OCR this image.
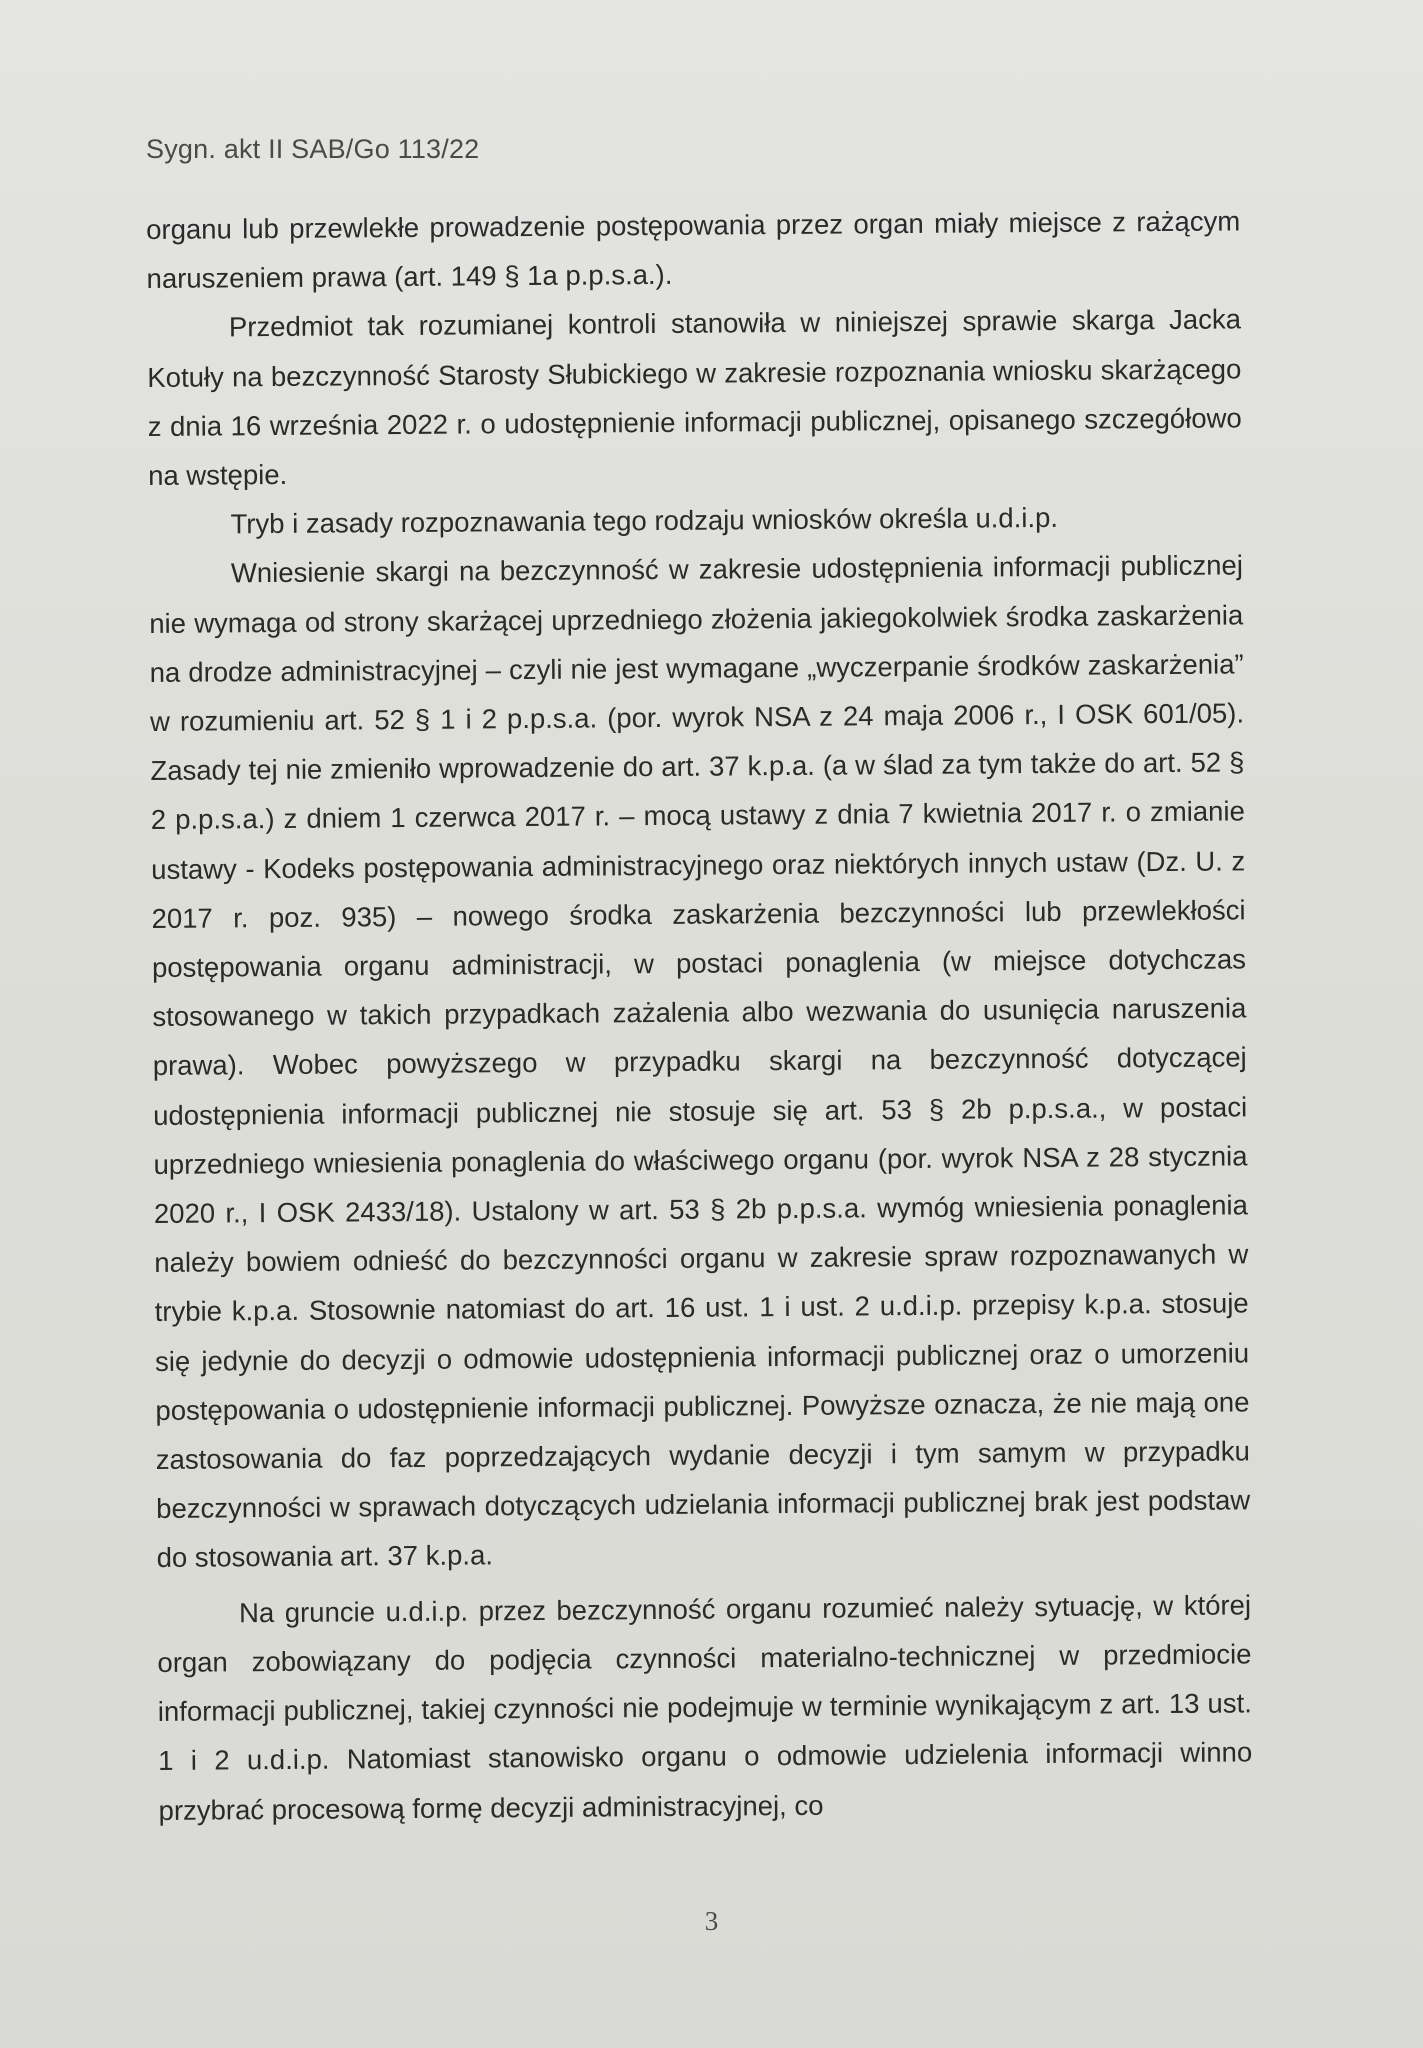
Sygn. akt II SAB/Go 113/22

organu lub przewlekłe prowadzenie postępowania przez organ miały miejsce z rażącym naruszeniem prawa (art. 149 § 1a p.p.s.a.).

Przedmiot tak rozumianej kontroli stanowiła w niniejszej sprawie skarga Jacka Kotuły na bezczynność Starosty Słubickiego w zakresie rozpoznania wniosku skarżącego z dnia 16 września 2022 r. o udostępnienie informacji publicznej, opisanego szczegółowo na wstępie.

Tryb i zasady rozpoznawania tego rodzaju wniosków określa u.d.i.p.

Wniesienie skargi na bezczynność w zakresie udostępnienia informacji publicznej nie wymaga od strony skarżącej uprzedniego złożenia jakiegokolwiek środka zaskarżenia na drodze administracyjnej – czyli nie jest wymagane „wyczerpanie środków zaskarżenia” w rozumieniu art. 52 § 1 i 2 p.p.s.a. (por. wyrok NSA z 24 maja 2006 r., I OSK 601/05). Zasady tej nie zmieniło wprowadzenie do art. 37 k.p.a. (a w ślad za tym także do art. 52 § 2 p.p.s.a.) z dniem 1 czerwca 2017 r. – mocą ustawy z dnia 7 kwietnia 2017 r. o zmianie ustawy - Kodeks postępowania administracyjnego oraz niektórych innych ustaw (Dz. U. z 2017 r. poz. 935) – nowego środka zaskarżenia bezczynności lub przewlekłości postępowania organu administracji, w postaci ponaglenia (w miejsce dotychczas stosowanego w takich przypadkach zażalenia albo wezwania do usunięcia naruszenia prawa). Wobec powyższego w przypadku skargi na bezczynność dotyczącej udostępnienia informacji publicznej nie stosuje się art. 53 § 2b p.p.s.a., w postaci uprzedniego wniesienia ponaglenia do właściwego organu (por. wyrok NSA z 28 stycznia 2020 r., I OSK 2433/18). Ustalony w art. 53 § 2b p.p.s.a. wymóg wniesienia ponaglenia należy bowiem odnieść do bezczynności organu w zakresie spraw rozpoznawanych w trybie k.p.a. Stosownie natomiast do art. 16 ust. 1 i ust. 2 u.d.i.p. przepisy k.p.a. stosuje się jedynie do decyzji o odmowie udostępnienia informacji publicznej oraz o umorzeniu postępowania o udostępnienie informacji publicznej. Powyższe oznacza, że nie mają one zastosowania do faz poprzedzających wydanie decyzji i tym samym w przypadku bezczynności w sprawach dotyczących udzielania informacji publicznej brak jest podstaw do stosowania art. 37 k.p.a.

Na gruncie u.d.i.p. przez bezczynność organu rozumieć należy sytuację, w której organ zobowiązany do podjęcia czynności materialno-technicznej w przedmiocie informacji publicznej, takiej czynności nie podejmuje w terminie wynikającym z art. 13 ust. 1 i 2 u.d.i.p. Natomiast stanowisko organu o odmowie udzielenia informacji winno przybrać procesową formę decyzji administracyjnej, co

3
